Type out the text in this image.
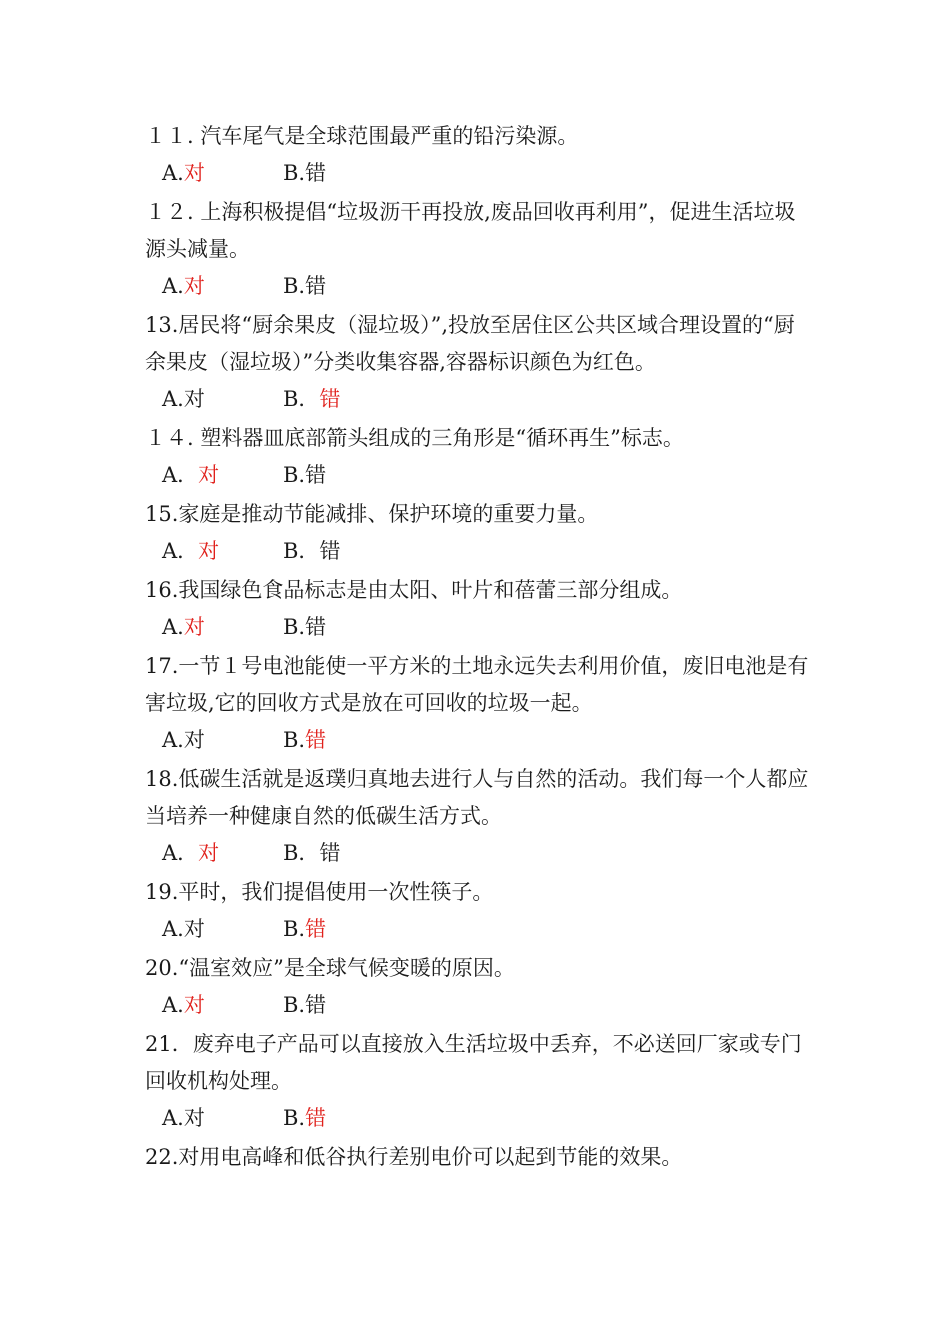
１１. 汽车尾气是全球范围最严重的铅污染源。

A.对	B.错

１２. 上海积极提倡“垃圾沥干再投放,废品回收再利用”，促进生活垃圾源头减量。

A.对	B.错

13.居民将“厨余果皮（湿垃圾）”,投放至居住区公共区域合理设置的“厨余果皮（湿垃圾）”分类收集容器,容器标识颜色为红色。

A.对	B．错

１４. 塑料器皿底部箭头组成的三角形是“循环再生”标志。

A．对	B.错

15.家庭是推动节能减排、保护环境的重要力量。

A．对	B．错

16.我国绿色食品标志是由太阳、叶片和蓓蕾三部分组成。

A.对	B.错

17.一节１号电池能使一平方米的土地永远失去利用价值，废旧电池是有害垃圾,它的回收方式是放在可回收的垃圾一起。

A.对	B.错

18.低碳生活就是返璞归真地去进行人与自然的活动。我们每一个人都应当培养一种健康自然的低碳生活方式。

A．对	B．错

19.平时，我们提倡使用一次性筷子。

A.对	B.错

20.“温室效应”是全球气候变暖的原因。

A.对	B.错

21．废弃电子产品可以直接放入生活垃圾中丢弃，不必送回厂家或专门回收机构处理。

A.对	B.错

22.对用电高峰和低谷执行差别电价可以起到节能的效果。
